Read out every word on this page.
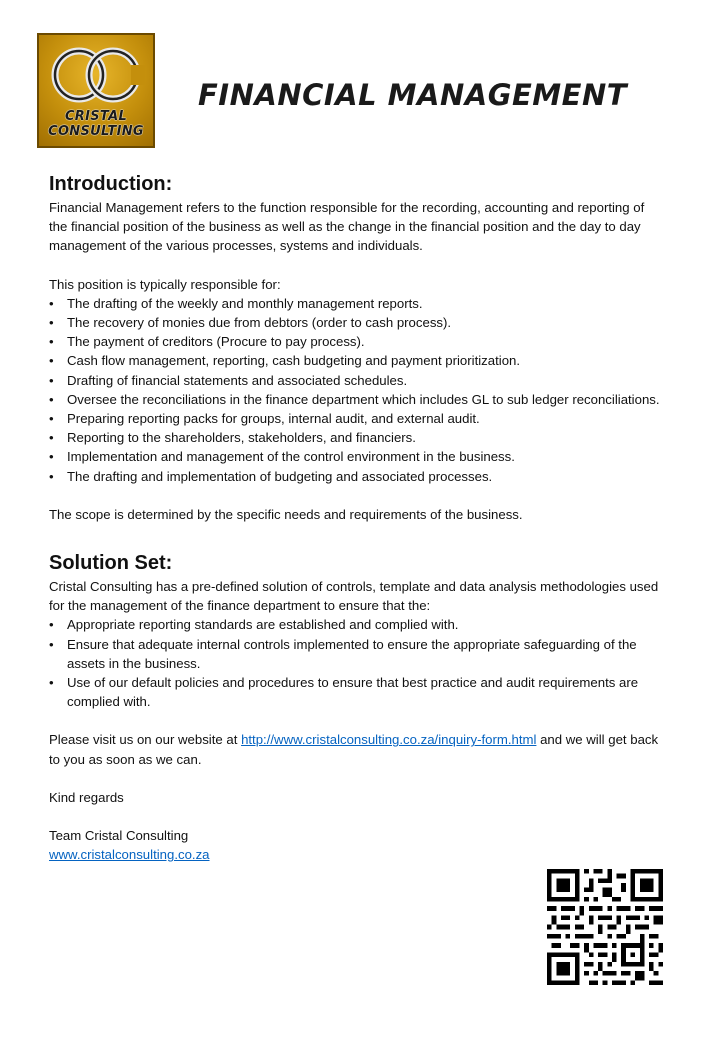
CRISTAL
CONSULTING
FINANCIAL MANAGEMENT
Introduction:

Financial Management refers to the function responsible for the recording, accounting and reporting of the financial position of the business as well as the change in the financial position and the day to day management of the various processes, systems and individuals.

This position is typically responsible for:

• The drafting of the weekly and monthly management reports.
• The recovery of monies due from debtors (order to cash process).
• The payment of creditors (Procure to pay process).
• Cash flow management, reporting, cash budgeting and payment prioritization.
• Drafting of financial statements and associated schedules.
• Oversee the reconciliations in the finance department which includes GL to sub ledger reconciliations.
• Preparing reporting packs for groups, internal audit, and external audit.
• Reporting to the shareholders, stakeholders, and financiers.
• Implementation and management of the control environment in the business.
• The drafting and implementation of budgeting and associated processes.

The scope is determined by the specific needs and requirements of the business.

Solution Set:

Cristal Consulting has a pre-defined solution of controls, template and data analysis methodologies used for the management of the finance department to ensure that the:

• Appropriate reporting standards are established and complied with.
• Ensure that adequate internal controls implemented to ensure the appropriate safeguarding of the assets in the business.
• Use of our default policies and procedures to ensure that best practice and audit requirements are complied with.

Please visit us on our website at http://www.cristalconsulting.co.za/inquiry-form.html and we will get back to you as soon as we can.

Kind regards

Team Cristal Consulting

www.cristalconsulting.co.za
